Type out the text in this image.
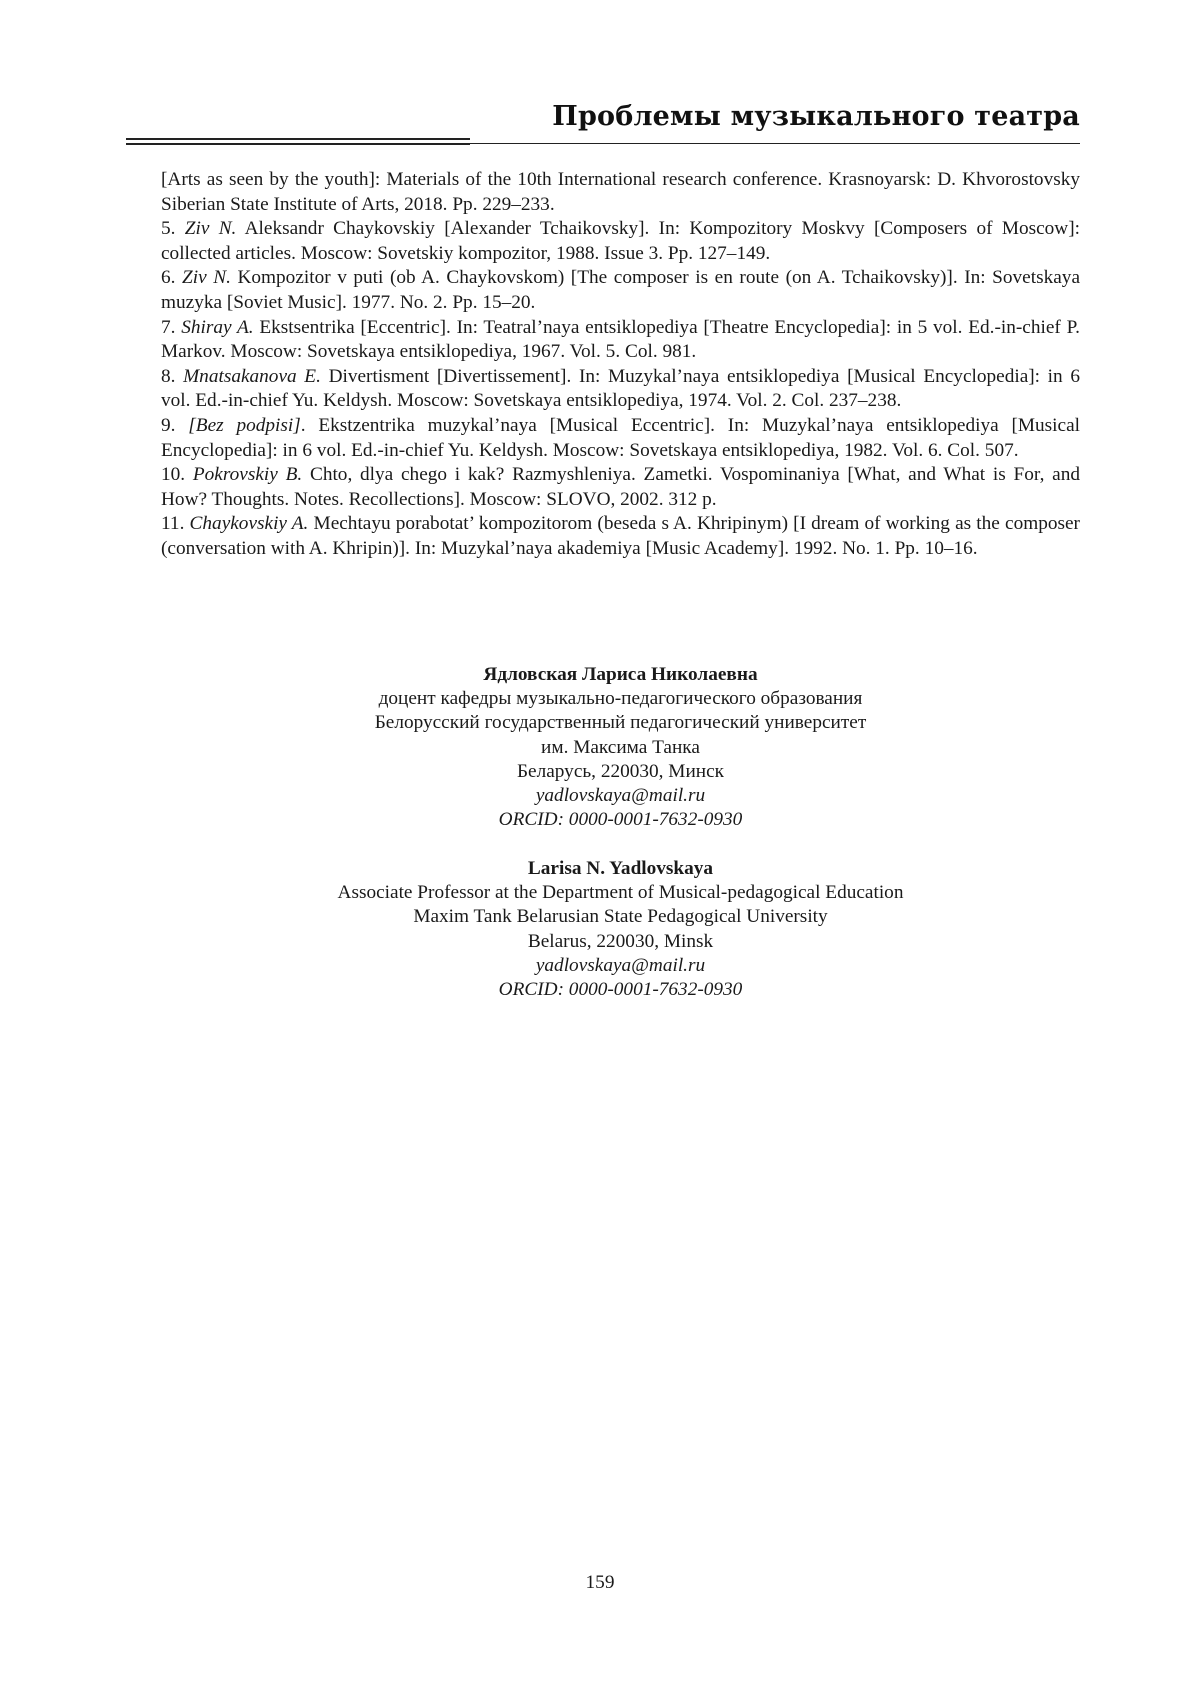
Проблемы музыкального театра

[Arts as seen by the youth]: Materials of the 10th International research conference. Krasnoyarsk: D. Khvorostovsky Siberian State Institute of Arts, 2018. Pp. 229–233.

5. Ziv N. Aleksandr Chaykovskiy [Alexander Tchaikovsky]. In: Kompozitory Moskvy [Composers of Moscow]: collected articles. Moscow: Sovetskiy kompozitor, 1988. Issue 3. Pp. 127–149.

6. Ziv N. Kompozitor v puti (ob A. Chaykovskom) [The composer is en route (on A. Tchaikovsky)]. In: Sovetskaya muzyka [Soviet Music]. 1977. No. 2. Pp. 15–20.

7. Shiray A. Ekstsentrika [Eccentric]. In: Teatral’naya entsiklopediya [Theatre Encyclopedia]: in 5 vol. Ed.-in-chief P. Markov. Moscow: Sovetskaya entsiklopediya, 1967. Vol. 5. Col. 981.

8. Mnatsakanova E. Divertisment [Divertissement]. In: Muzykal’naya entsiklopediya [Musical Encyclopedia]: in 6 vol. Ed.-in-chief Yu. Keldysh. Moscow: Sovetskaya entsiklopediya, 1974. Vol. 2. Col. 237–238.

9. [Bez podpisi]. Ekstzentrika muzykal’naya [Musical Eccentric]. In: Muzykal’naya entsiklopediya [Musical Encyclopedia]: in 6 vol. Ed.-in-chief Yu. Keldysh. Moscow: Sovetskaya entsiklopediya, 1982. Vol. 6. Col. 507.

10. Pokrovskiy B. Chto, dlya chego i kak? Razmyshleniya. Zametki. Vospominaniya [What, and What is For, and How? Thoughts. Notes. Recollections]. Moscow: SLOVO, 2002. 312 p.

11. Chaykovskiy A. Mechtayu porabotat’ kompozitorom (beseda s A. Khripinym) [I dream of working as the composer (conversation with A. Khripin)]. In: Muzykal’naya akademiya [Music Academy]. 1992. No. 1. Pp. 10–16.

Ядловская Лариса Николаевна
доцент кафедры музыкально-педагогического образования
Белорусский государственный педагогический университет
им. Максима Танка
Беларусь, 220030, Минск
yadlovskaya@mail.ru
ORCID: 0000-0001-7632-0930
Larisa N. Yadlovskaya
Associate Professor at the Department of Musical-pedagogical Education
Maxim Tank Belarusian State Pedagogical University
Belarus, 220030, Minsk
yadlovskaya@mail.ru
ORCID: 0000-0001-7632-0930
159
